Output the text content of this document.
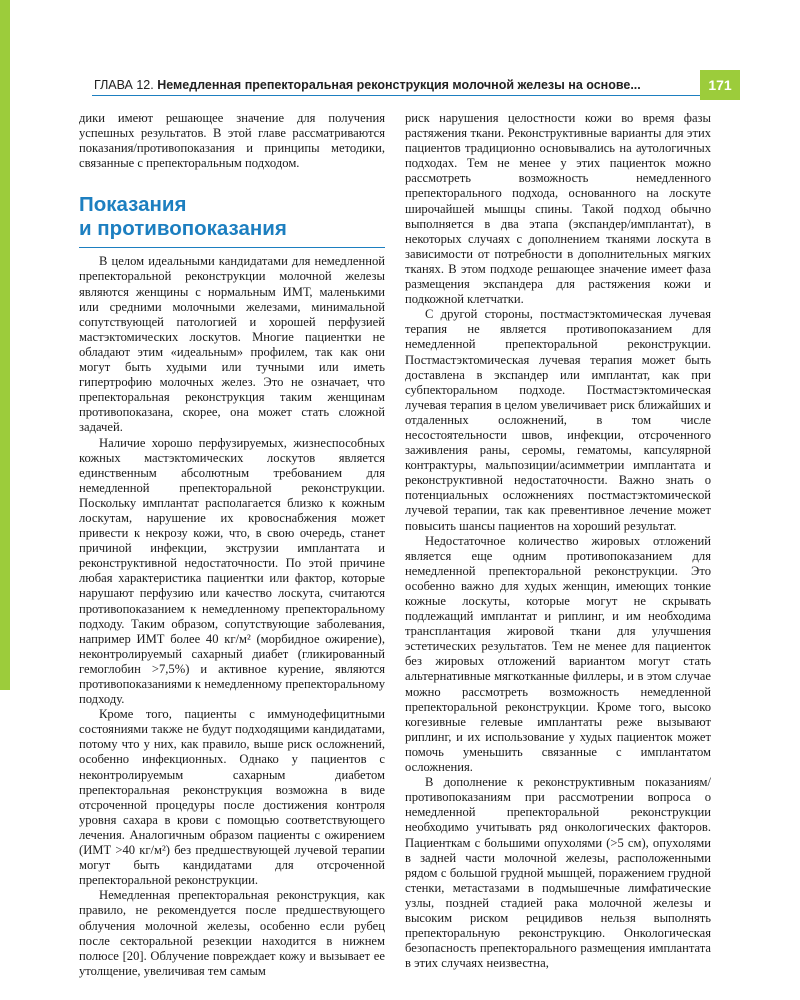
ГЛАВА 12. Немедленная препекторальная реконструкция молочной железы на основе...	171

дики имеют решающее значение для получения успешных результатов. В этой главе рассматриваются показания/противопоказания и принципы методики, связанные с препекторальным подходом.

Показания
и противопоказания

В целом идеальными кандидатами для немедленной препекторальной реконструкции молочной железы являются женщины с нормальным ИМТ, маленькими или средними молочными железами, минимальной сопутствующей патологией и хорошей перфузией мастэктомических лоскутов. Многие пациентки не обладают этим «идеальным» профилем, так как они могут быть худыми или тучными или иметь гипертрофию молочных желез. Это не означает, что препекторальная реконструкция таким женщинам противопоказана, скорее, она может стать сложной задачей.

Наличие хорошо перфузируемых, жизнеспособных кожных мастэктомических лоскутов является единственным абсолютным требованием для немедленной препекторальной реконструкции. Поскольку имплантат располагается близко к кожным лоскутам, нарушение их кровоснабжения может привести к некрозу кожи, что, в свою очередь, станет причиной инфекции, экструзии имплантата и реконструктивной недостаточности. По этой причине любая характеристика пациентки или фактор, которые нарушают перфузию или качество лоскута, считаются противопоказанием к немедленному препекторальному подходу. Таким образом, сопутствующие заболевания, например ИМТ более 40 кг/м² (морбидное ожирение), неконтролируемый сахарный диабет (гликированный гемоглобин >7,5%) и активное курение, являются противопоказаниями к немедленному препекторальному подходу.

Кроме того, пациенты с иммунодефицитными состояниями также не будут подходящими кандидатами, потому что у них, как правило, выше риск осложнений, особенно инфекционных. Однако у пациентов с неконтролируемым сахарным диабетом препекторальная реконструкция возможна в виде отсроченной процедуры после достижения контроля уровня сахара в крови с помощью соответствующего лечения. Аналогичным образом пациенты с ожирением (ИМТ >40 кг/м²) без предшествующей лучевой терапии могут быть кандидатами для отсроченной препекторальной реконструкции.

Немедленная препекторальная реконструкция, как правило, не рекомендуется после предшествующего облучения молочной железы, особенно если рубец после секторальной резекции находится в нижнем полюсе [20]. Облучение повреждает кожу и вызывает ее утолщение, увеличивая тем самым

риск нарушения целостности кожи во время фазы растяжения ткани. Реконструктивные варианты для этих пациентов традиционно основывались на аутологичных подходах. Тем не менее у этих пациенток можно рассмотреть возможность немедленного препекторального подхода, основанного на лоскуте широчайшей мышцы спины. Такой подход обычно выполняется в два этапа (экспандер/имплантат), в некоторых случаях с дополнением тканями лоскута в зависимости от потребности в дополнительных мягких тканях. В этом подходе решающее значение имеет фаза размещения экспандера для растяжения кожи и подкожной клетчатки.

С другой стороны, постмастэктомическая лучевая терапия не является противопоказанием для немедленной препекторальной реконструкции. Постмастэктомическая лучевая терапия может быть доставлена в экспандер или имплантат, как при субпекторальном подходе. Постмастэктомическая лучевая терапия в целом увеличивает риск ближайших и отдаленных осложнений, в том числе несостоятельности швов, инфекции, отсроченного заживления раны, серомы, гематомы, капсулярной контрактуры, мальпозиции/асимметрии имплантата и реконструктивной недостаточности. Важно знать о потенциальных осложнениях постмастэктомической лучевой терапии, так как превентивное лечение может повысить шансы пациентов на хороший результат.

Недостаточное количество жировых отложений является еще одним противопоказанием для немедленной препекторальной реконструкции. Это особенно важно для худых женщин, имеющих тонкие кожные лоскуты, которые могут не скрывать подлежащий имплантат и риплинг, и им необходима трансплантация жировой ткани для улучшения эстетических результатов. Тем не менее для пациенток без жировых отложений вариантом могут стать альтернативные мягкотканные филлеры, и в этом случае можно рассмотреть возможность немедленной препекторальной реконструкции. Кроме того, высоко когезивные гелевые имплантаты реже вызывают риплинг, и их использование у худых пациенток может помочь уменьшить связанные с имплантатом осложнения.

В дополнение к реконструктивным показаниям/противопоказаниям при рассмотрении вопроса о немедленной препекторальной реконструкции необходимо учитывать ряд онкологических факторов. Пациенткам с большими опухолями (>5 см), опухолями в задней части молочной железы, расположенными рядом с большой грудной мышцей, поражением грудной стенки, метастазами в подмышечные лимфатические узлы, поздней стадией рака молочной железы и высоким риском рецидивов нельзя выполнять препекторальную реконструкцию. Онкологическая безопасность препекторального размещения имплантата в этих случаях неизвестна,
